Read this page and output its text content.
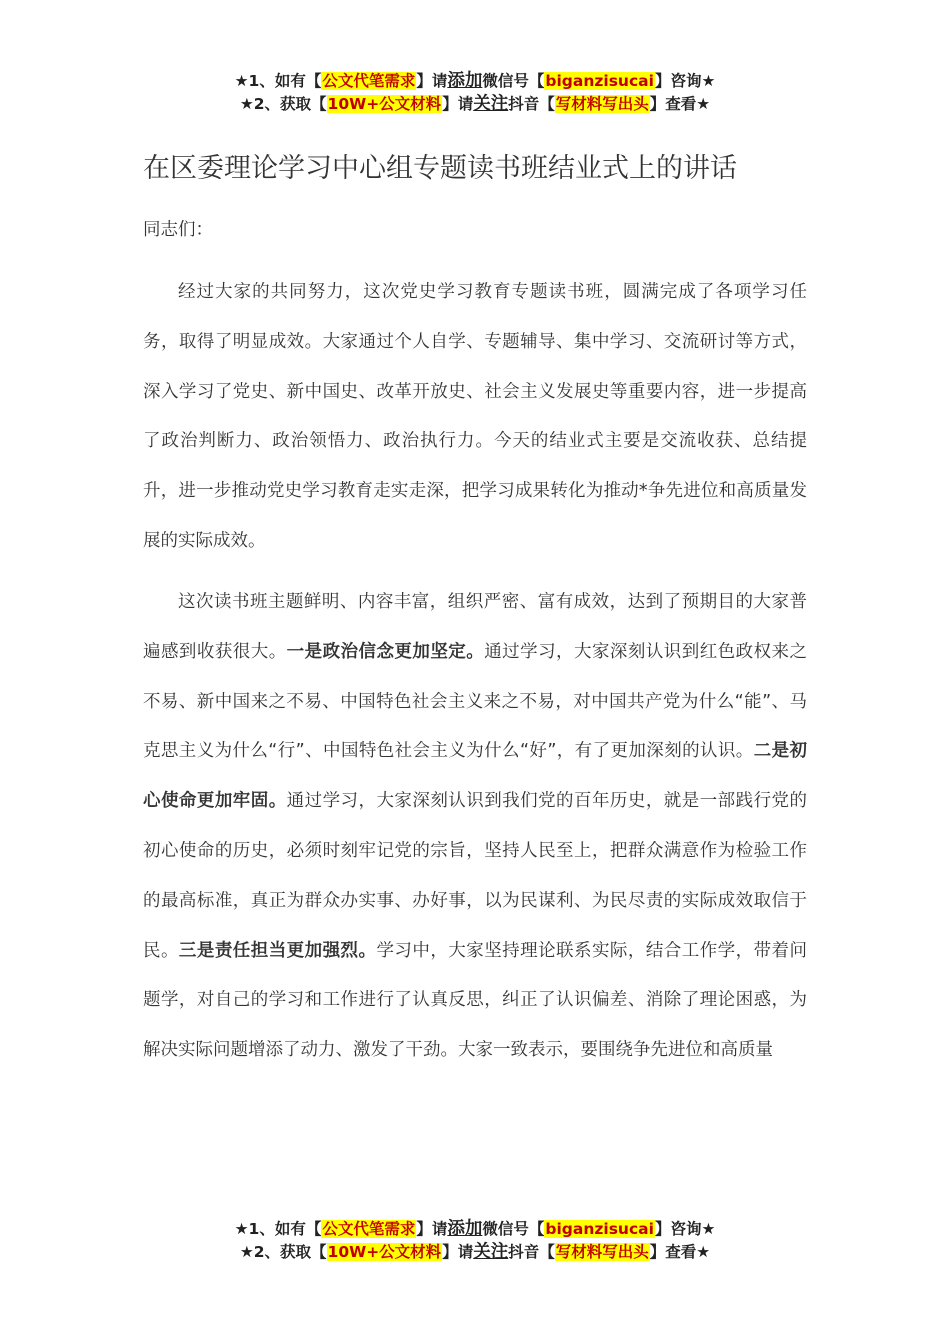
★1、如有【公文代笔需求】请添加微信号【biganzisucai】咨询★
★2、获取【10W+公文材料】请关注抖音【写材料写出头】查看★
在区委理论学习中心组专题读书班结业式上的讲话
同志们：

经过大家的共同努力，这次党史学习教育专题读书班，圆满完成了各项学习任务，取得了明显成效。大家通过个人自学、专题辅导、集中学习、交流研讨等方式，深入学习了党史、新中国史、改革开放史、社会主义发展史等重要内容，进一步提高了政治判断力、政治领悟力、政治执行力。今天的结业式主要是交流收获、总结提升，进一步推动党史学习教育走实走深，把学习成果转化为推动*争先进位和高质量发展的实际成效。

这次读书班主题鲜明、内容丰富，组织严密、富有成效，达到了预期目的大家普遍感到收获很大。一是政治信念更加坚定。通过学习，大家深刻认识到红色政权来之不易、新中国来之不易、中国特色社会主义来之不易，对中国共产党为什么“能”、马克思主义为什么“行”、中国特色社会主义为什么“好”，有了更加深刻的认识。二是初心使命更加牢固。通过学习，大家深刻认识到我们党的百年历史，就是一部践行党的初心使命的历史，必须时刻牢记党的宗旨，坚持人民至上，把群众满意作为检验工作的最高标准，真正为群众办实事、办好事，以为民谋利、为民尽责的实际成效取信于民。三是责任担当更加强烈。学习中，大家坚持理论联系实际，结合工作学，带着问题学，对自己的学习和工作进行了认真反思，纠正了认识偏差、消除了理论困惑，为解决实际问题增添了动力、激发了干劲。大家一致表示，要围绕争先进位和高质量

★1、如有【公文代笔需求】请添加微信号【biganzisucai】咨询★
★2、获取【10W+公文材料】请关注抖音【写材料写出头】查看★
